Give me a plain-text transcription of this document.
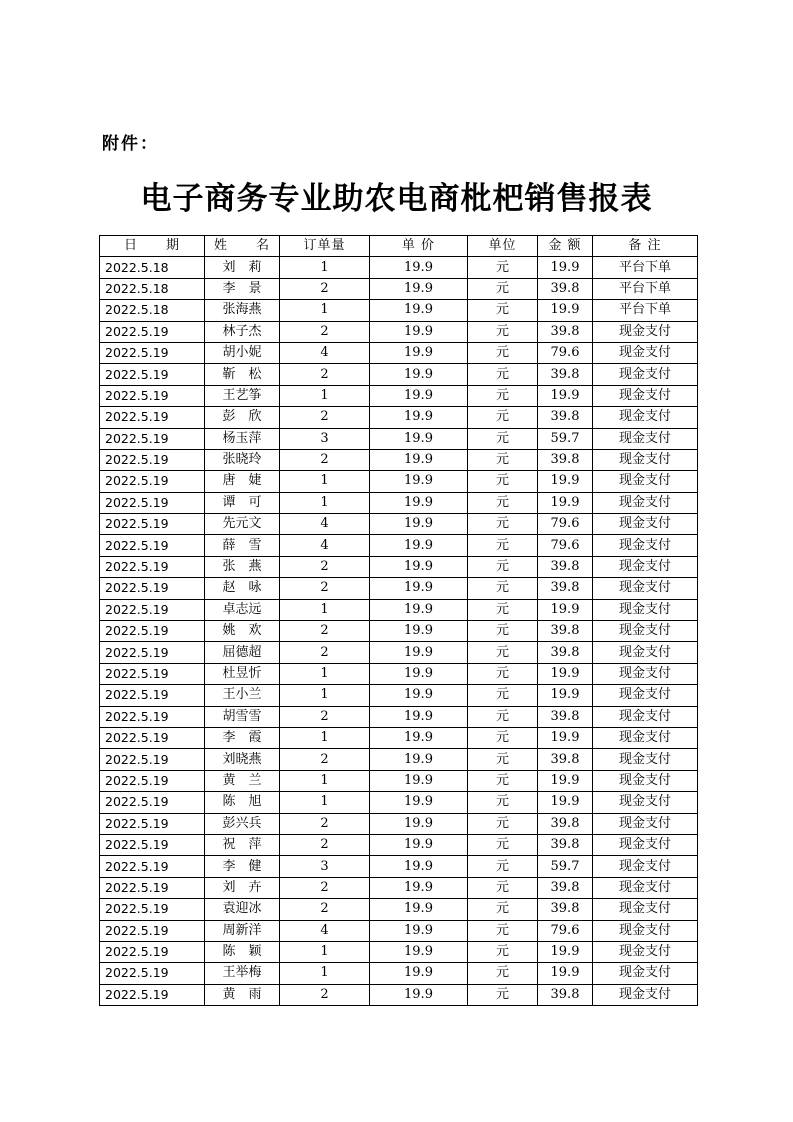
附件：
电子商务专业助农电商枇杷销售报表
日　　期	姓　　名	订单量	单 价	单位	金 额	备 注
2022.5.18	刘　莉	1	19.9	元	19.9	平台下单
2022.5.18	李　景	2	19.9	元	39.8	平台下单
2022.5.18	张海燕	1	19.9	元	19.9	平台下单
2022.5.19	林子杰	2	19.9	元	39.8	现金支付
2022.5.19	胡小妮	4	19.9	元	79.6	现金支付
2022.5.19	靳　松	2	19.9	元	39.8	现金支付
2022.5.19	王艺筝	1	19.9	元	19.9	现金支付
2022.5.19	彭　欣	2	19.9	元	39.8	现金支付
2022.5.19	杨玉萍	3	19.9	元	59.7	现金支付
2022.5.19	张晓玲	2	19.9	元	39.8	现金支付
2022.5.19	唐　婕	1	19.9	元	19.9	现金支付
2022.5.19	谭　可	1	19.9	元	19.9	现金支付
2022.5.19	先元文	4	19.9	元	79.6	现金支付
2022.5.19	薛　雪	4	19.9	元	79.6	现金支付
2022.5.19	张　燕	2	19.9	元	39.8	现金支付
2022.5.19	赵　咏	2	19.9	元	39.8	现金支付
2022.5.19	卓志远	1	19.9	元	19.9	现金支付
2022.5.19	姚　欢	2	19.9	元	39.8	现金支付
2022.5.19	屈德超	2	19.9	元	39.8	现金支付
2022.5.19	杜昱忻	1	19.9	元	19.9	现金支付
2022.5.19	王小兰	1	19.9	元	19.9	现金支付
2022.5.19	胡雪雪	2	19.9	元	39.8	现金支付
2022.5.19	李　霞	1	19.9	元	19.9	现金支付
2022.5.19	刘晓燕	2	19.9	元	39.8	现金支付
2022.5.19	黄　兰	1	19.9	元	19.9	现金支付
2022.5.19	陈　旭	1	19.9	元	19.9	现金支付
2022.5.19	彭兴兵	2	19.9	元	39.8	现金支付
2022.5.19	祝　萍	2	19.9	元	39.8	现金支付
2022.5.19	李　健	3	19.9	元	59.7	现金支付
2022.5.19	刘　卉	2	19.9	元	39.8	现金支付
2022.5.19	袁迎冰	2	19.9	元	39.8	现金支付
2022.5.19	周新洋	4	19.9	元	79.6	现金支付
2022.5.19	陈　颖	1	19.9	元	19.9	现金支付
2022.5.19	王举梅	1	19.9	元	19.9	现金支付
2022.5.19	黄　雨	2	19.9	元	39.8	现金支付
